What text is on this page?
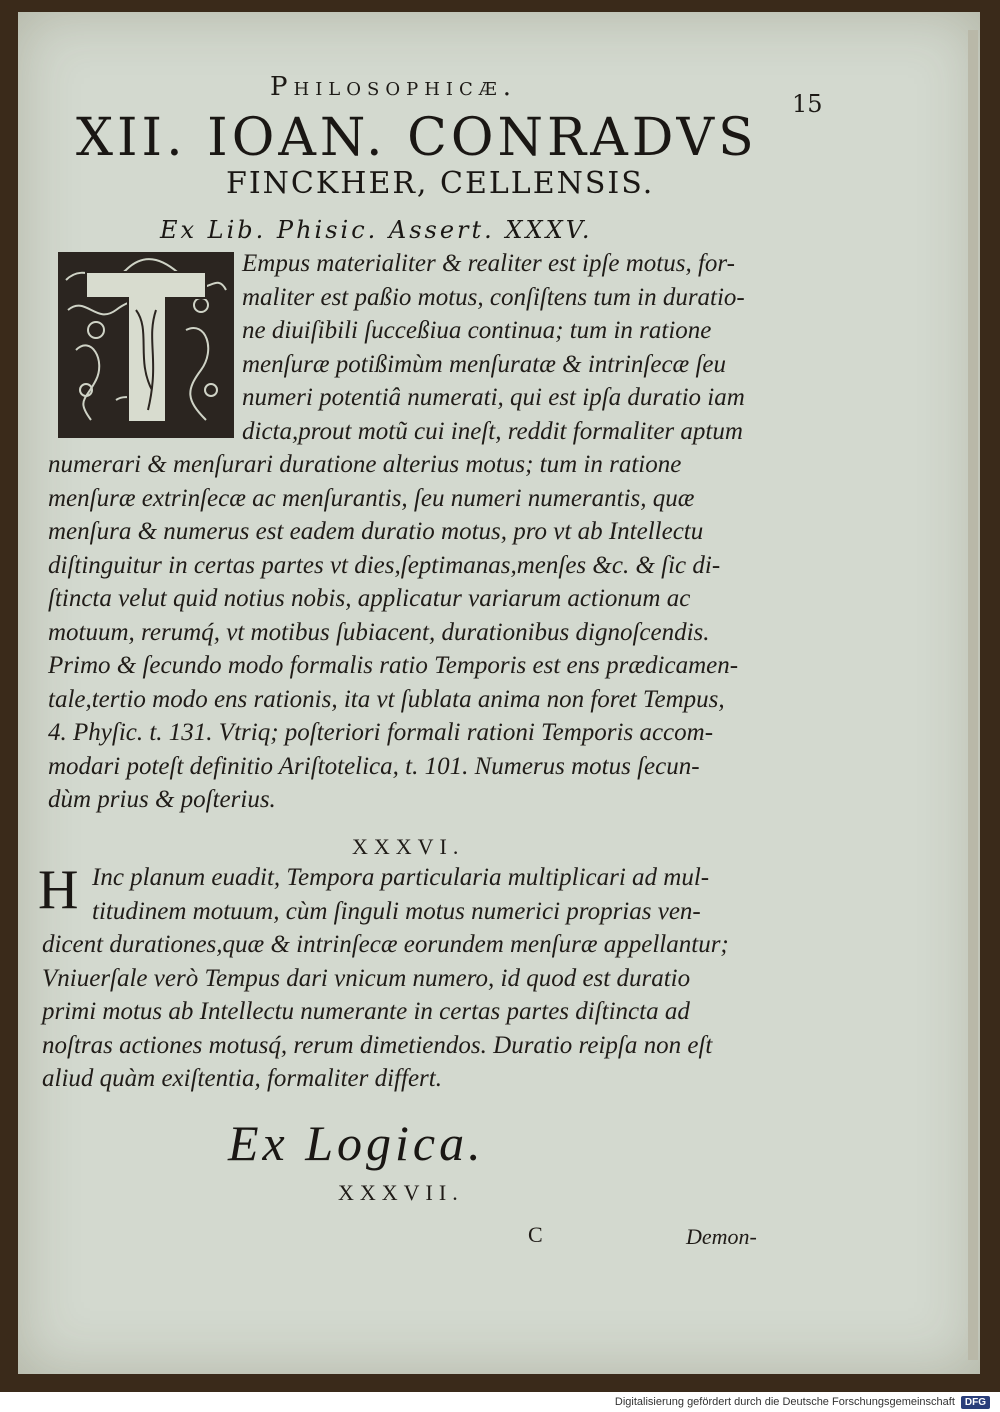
Philosophicæ.
15
XII. IOAN. CONRADVS
FINCKHER, CELLENSIS.
Ex Lib. Phisic. Assert. XXXV.
Empus materialiter & realiter est ipſe motus, for-
maliter est paßio motus, conſiſtens tum in duratio-
ne diuiſibili ſucceßiua continua; tum in ratione
menſuræ potißimùm menſuratæ & intrinſecæ ſeu
numeri potentiâ numerati, qui est ipſa duratio iam
dicta,prout motũ cui ineſt, reddit formaliter aptum
numerari & menſurari duratione alterius motus; tum in ratione
menſuræ extrinſecæ ac menſurantis, ſeu numeri numerantis, quæ
menſura & numerus est eadem duratio motus, pro vt ab Intellectu
diſtinguitur in certas partes vt dies,ſeptimanas,menſes &c. & ſic di-
ſtincta velut quid notius nobis, applicatur variarum actionum ac
motuum, rerumq́, vt motibus ſubiacent, durationibus dignoſcendis.
Primo & ſecundo modo formalis ratio Temporis est ens prædicamen-
tale,tertio modo ens rationis, ita vt ſublata anima non foret Tempus,
4. Phyſic. t. 131. Vtriq; poſteriori formali rationi Temporis accom-
modari poteſt definitio Ariſtotelica, t. 101. Numerus motus ſecun-
dùm prius & poſterius.
XXXVI.
H Inc planum euadit, Tempora particularia multiplicari ad mul-
titudinem motuum, cùm ſinguli motus numerici proprias ven-
dicent durationes,quæ & intrinſecæ eorundem menſuræ appellantur;
Vniuerſale verò Tempus dari vnicum numero, id quod est duratio
primi motus ab Intellectu numerante in certas partes diſtincta ad
noſtras actiones motusq́, rerum dimetiendos. Duratio reipſa non eſt
aliud quàm exiſtentia, formaliter differt.
Ex Logica.
XXXVII.
C	Demon-
Digitalisierung gefördert durch die Deutsche Forschungsgemeinschaft	DFG
